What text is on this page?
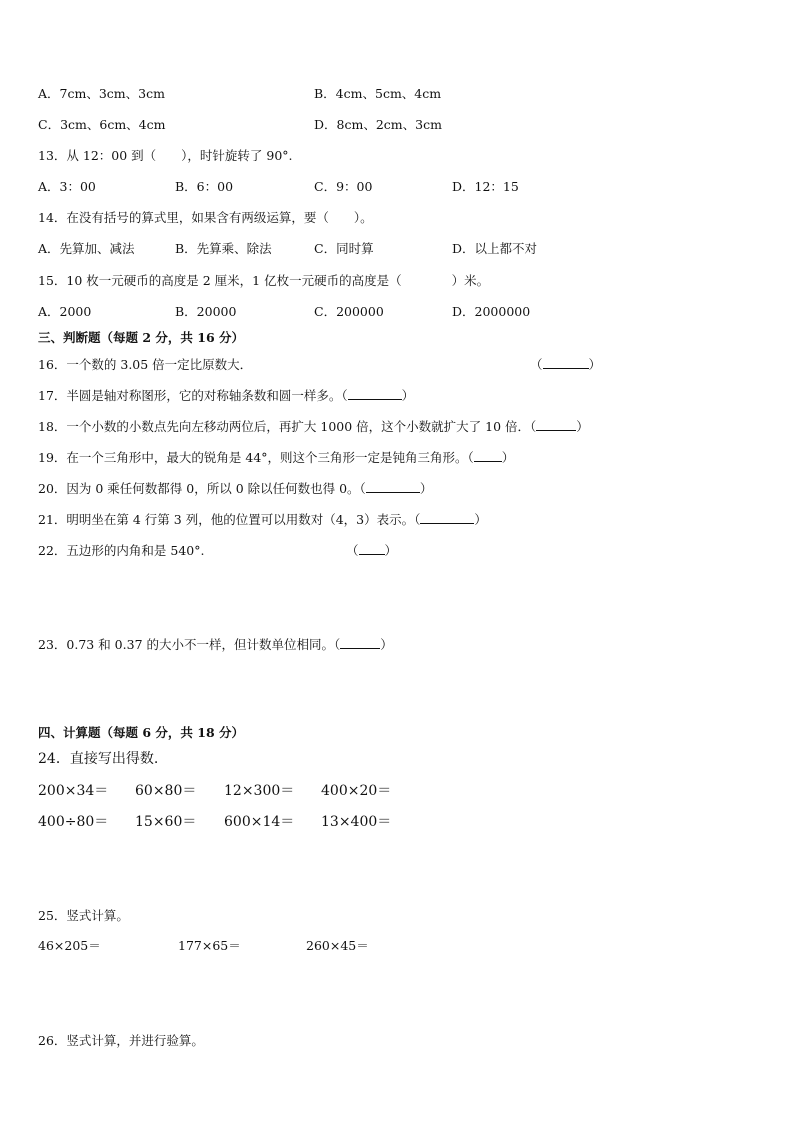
A．7cm、3cm、3cm	B．4cm、5cm、4cm
C．3cm、6cm、4cm	D．8cm、2cm、3cm
13．从 12：00 到（　　），时针旋转了 90°.
A．3：00	B．6：00	C．9：00	D．12：15
14．在没有括号的算式里，如果含有两级运算，要（　　）。
A．先算加、减法	B．先算乘、除法	C．同时算	D．以上都不对
15．10 枚一元硬币的高度是 2 厘米，1 亿枚一元硬币的高度是（　　　　）米。
A．2000	B．20000	C．200000	D．2000000
三、判断题（每题 2 分，共 16 分）
16．一个数的 3.05 倍一定比原数大．	（	）
17．半圆是轴对称图形，它的对称轴条数和圆一样多。（	）
18．一个小数的小数点先向左移动两位后，再扩大 1000 倍，这个小数就扩大了 10 倍．（	）
19．在一个三角形中，最大的锐角是 44°，则这个三角形一定是钝角三角形。（ ）
20．因为 0 乘任何数都得 0，所以 0 除以任何数也得 0。（	）
21．明明坐在第 4 行第 3 列，他的位置可以用数对（4，3）表示。（	）
22．五边形的内角和是 540°.	（ ）
23．0.73 和 0.37 的大小不一样，但计数单位相同。（	）
四、计算题（每题 6 分，共 18 分）
24．直接写出得数.
200×34＝ 60×80＝ 12×300＝ 400×20＝
400÷80＝ 15×60＝ 600×14＝ 13×400＝
25．竖式计算。
46×205＝	177×65＝	260×45＝
26．竖式计算，并进行验算。
